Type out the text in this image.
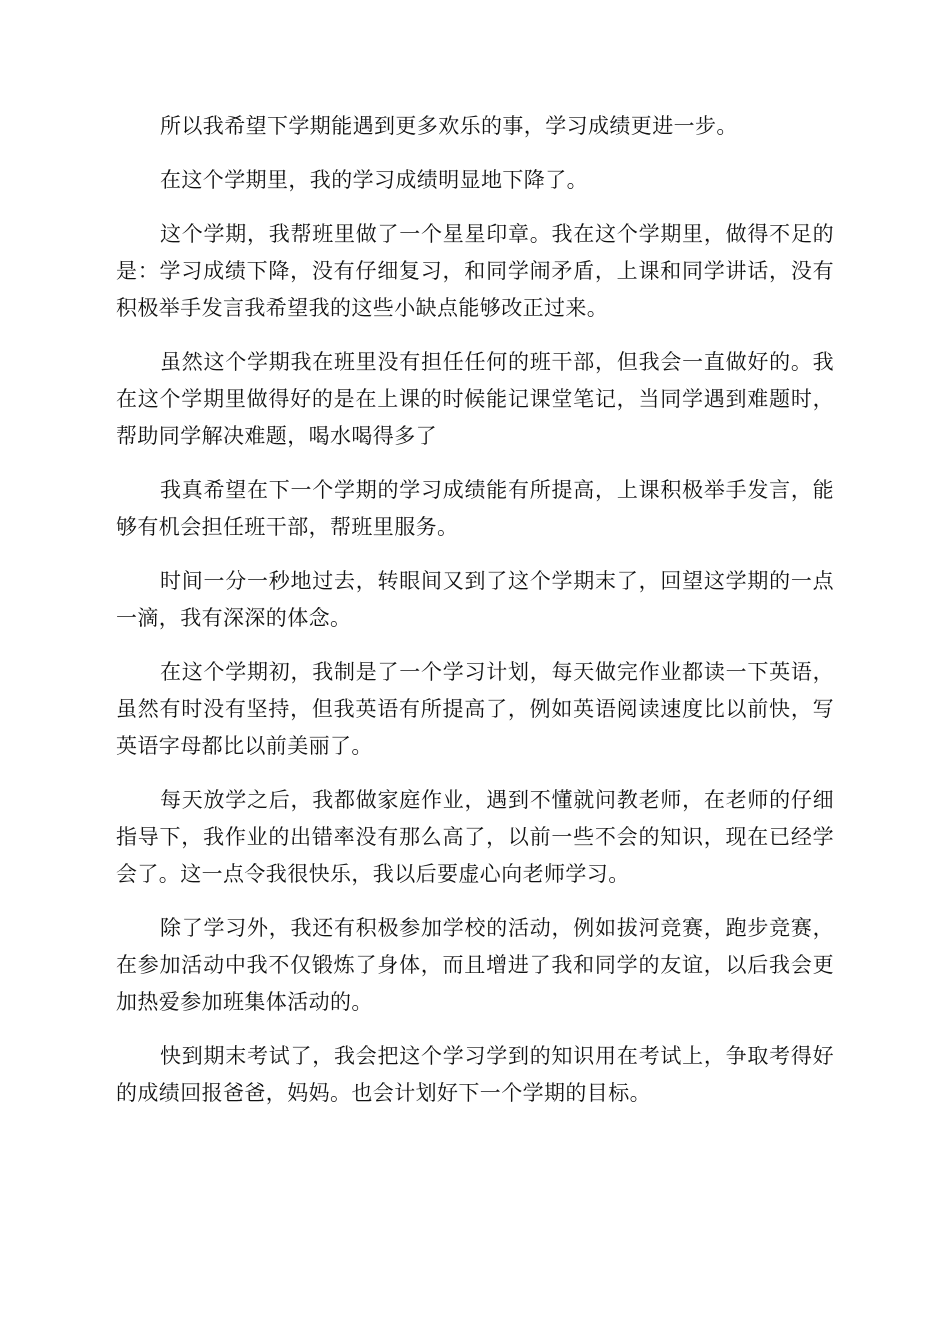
所以我希望下学期能遇到更多欢乐的事，学习成绩更进一步。

在这个学期里，我的学习成绩明显地下降了。

这个学期，我帮班里做了一个星星印章。我在这个学期里，做得不足的是：学习成绩下降，没有仔细复习，和同学闹矛盾，上课和同学讲话，没有积极举手发言我希望我的这些小缺点能够改正过来。

虽然这个学期我在班里没有担任任何的班干部，但我会一直做好的。我在这个学期里做得好的是在上课的时候能记课堂笔记，当同学遇到难题时，帮助同学解决难题，喝水喝得多了

我真希望在下一个学期的学习成绩能有所提高，上课积极举手发言，能够有机会担任班干部，帮班里服务。

时间一分一秒地过去，转眼间又到了这个学期末了，回望这学期的一点一滴，我有深深的体念。

在这个学期初，我制是了一个学习计划，每天做完作业都读一下英语，虽然有时没有坚持，但我英语有所提高了，例如英语阅读速度比以前快，写英语字母都比以前美丽了。

每天放学之后，我都做家庭作业，遇到不懂就问教老师，在老师的仔细指导下，我作业的出错率没有那么高了，以前一些不会的知识，现在已经学会了。这一点令我很快乐，我以后要虚心向老师学习。

除了学习外，我还有积极参加学校的活动，例如拔河竞赛，跑步竞赛，在参加活动中我不仅锻炼了身体，而且增进了我和同学的友谊，以后我会更加热爱参加班集体活动的。

快到期末考试了，我会把这个学习学到的知识用在考试上，争取考得好的成绩回报爸爸，妈妈。也会计划好下一个学期的目标。
